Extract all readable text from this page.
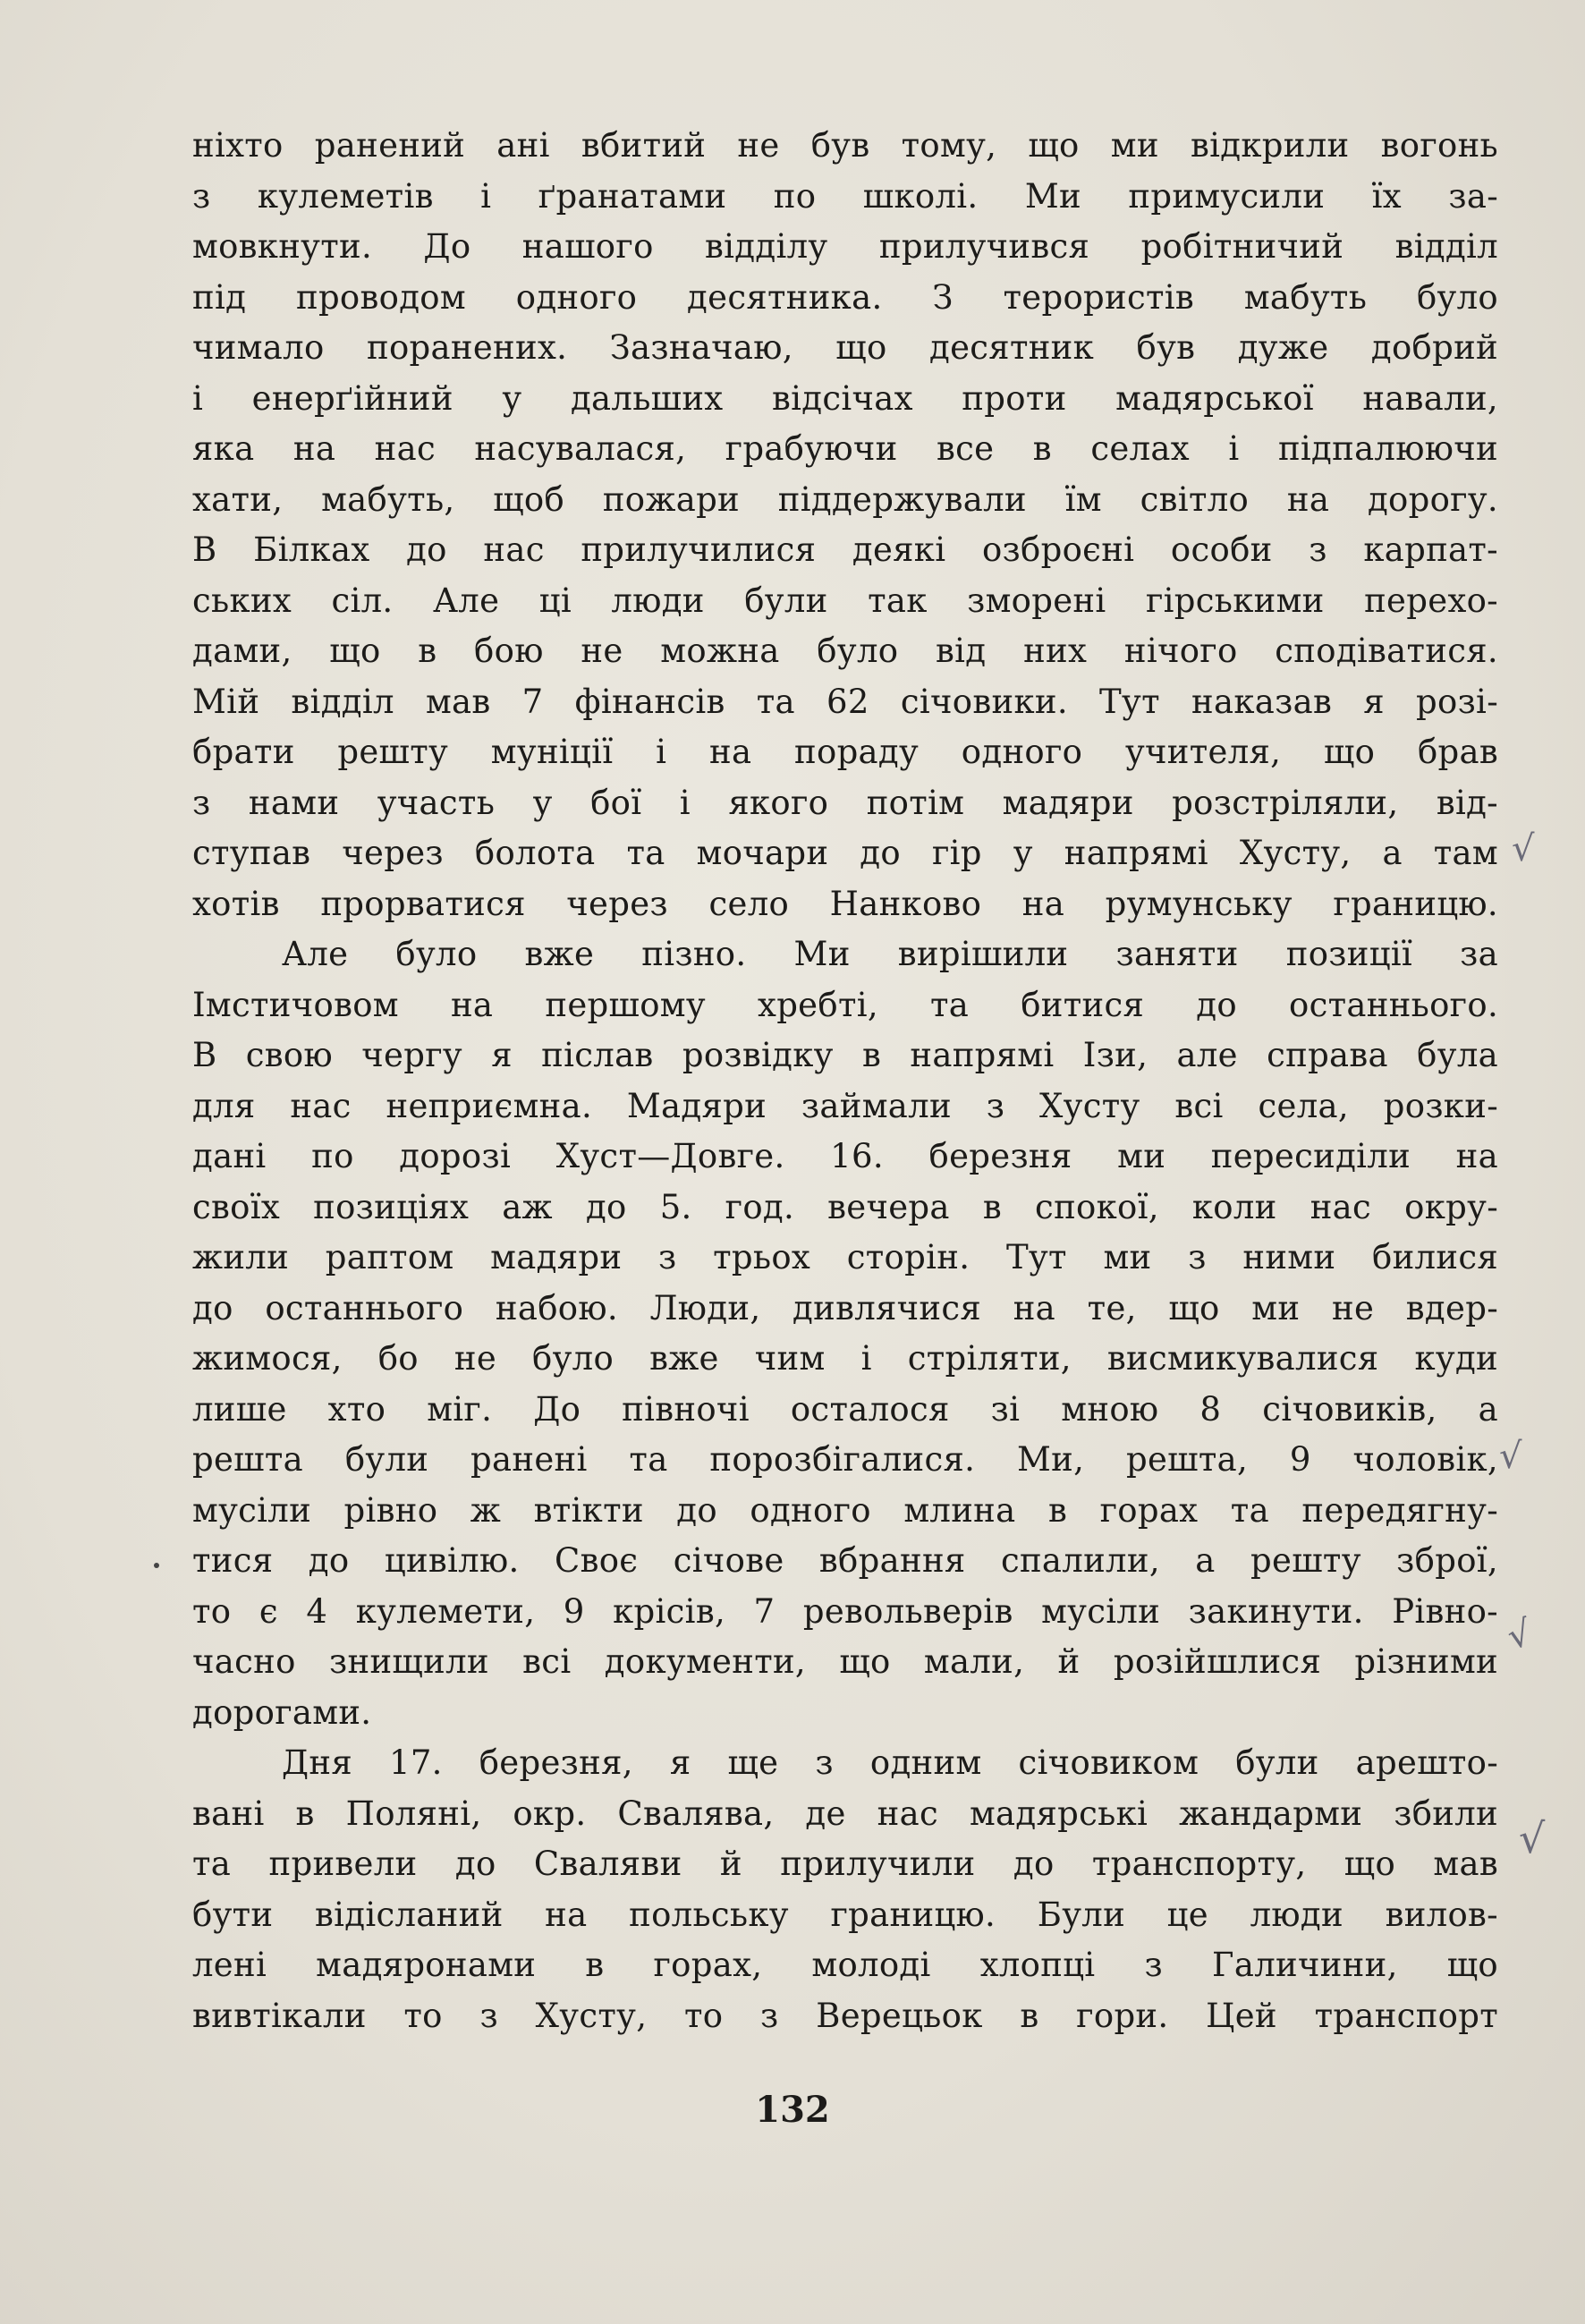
ніхто ранений ані вбитий не був тому, що ми відкрили вогонь
з кулеметів і ґранатами по школі. Ми примусили їх за-
мовкнути. До нашого відділу прилучився робітничий відділ
під проводом одного десятника. З терористів мабуть було
чимало поранених. Зазначаю, що десятник був дуже добрий
і енерґійний у дальших відсічах проти мадярської навали,
яка на нас насувалася, грабуючи все в селах і підпалюючи
хати, мабуть, щоб пожари піддержували їм світло на дорогу.
В Білках до нас прилучилися деякі озброєні особи з карпат-
ських сіл. Але ці люди були так зморені гірськими перехо-
дами, що в бою не можна було від них нічого сподіватися.
Мій відділ мав 7 фінансів та 62 січовики. Тут наказав я розі-
брати решту муніції і на пораду одного учителя, що брав
з нами участь у бої і якого потім мадяри розстріляли, від-
ступав через болота та мочари до гір у напрямі Хусту, а там
хотів прорватися через село Нанково на румунську границю.
Але було вже пізно. Ми вирішили заняти позиції за
Імстичовом на першому хребті, та битися до останнього.
В свою чергу я післав розвідку в напрямі Ізи, але справа була
для нас неприємна. Мадяри займали з Хусту всі села, розки-
дані по дорозі Хуст—Довге. 16. березня ми пересиділи на
своїх позиціях аж до 5. год. вечера в спокої, коли нас окру-
жили раптом мадяри з трьох сторін. Тут ми з ними билися
до останнього набою. Люди, дивлячися на те, що ми не вдер-
жимося, бо не було вже чим і стріляти, висмикувалися куди
лише хто міг. До півночі осталося зі мною 8 січовиків, а
решта були ранені та порозбігалися. Ми, решта, 9 чоловік,
мусіли рівно ж втікти до одного млина в горах та передягну-
тися до цивілю. Своє січове вбрання спалили, а решту зброї,
то є 4 кулемети, 9 крісів, 7 револьверів мусіли закинути. Рівно-
часно знищили всі документи, що мали, й розійшлися різними
дорогами.
Дня 17. березня, я ще з одним січовиком були арешто-
вані в Поляні, окр. Свалява, де нас мадярські жандарми збили
та привели до Сваляви й прилучили до транспорту, що мав
бути відісланий на польську границю. Були це люди вилов-
лені мадяронами в горах, молоді хлопці з Галичини, що
вивтікали то з Хусту, то з Верецьок в гори. Цей транспорт
√
√
√
√
132
